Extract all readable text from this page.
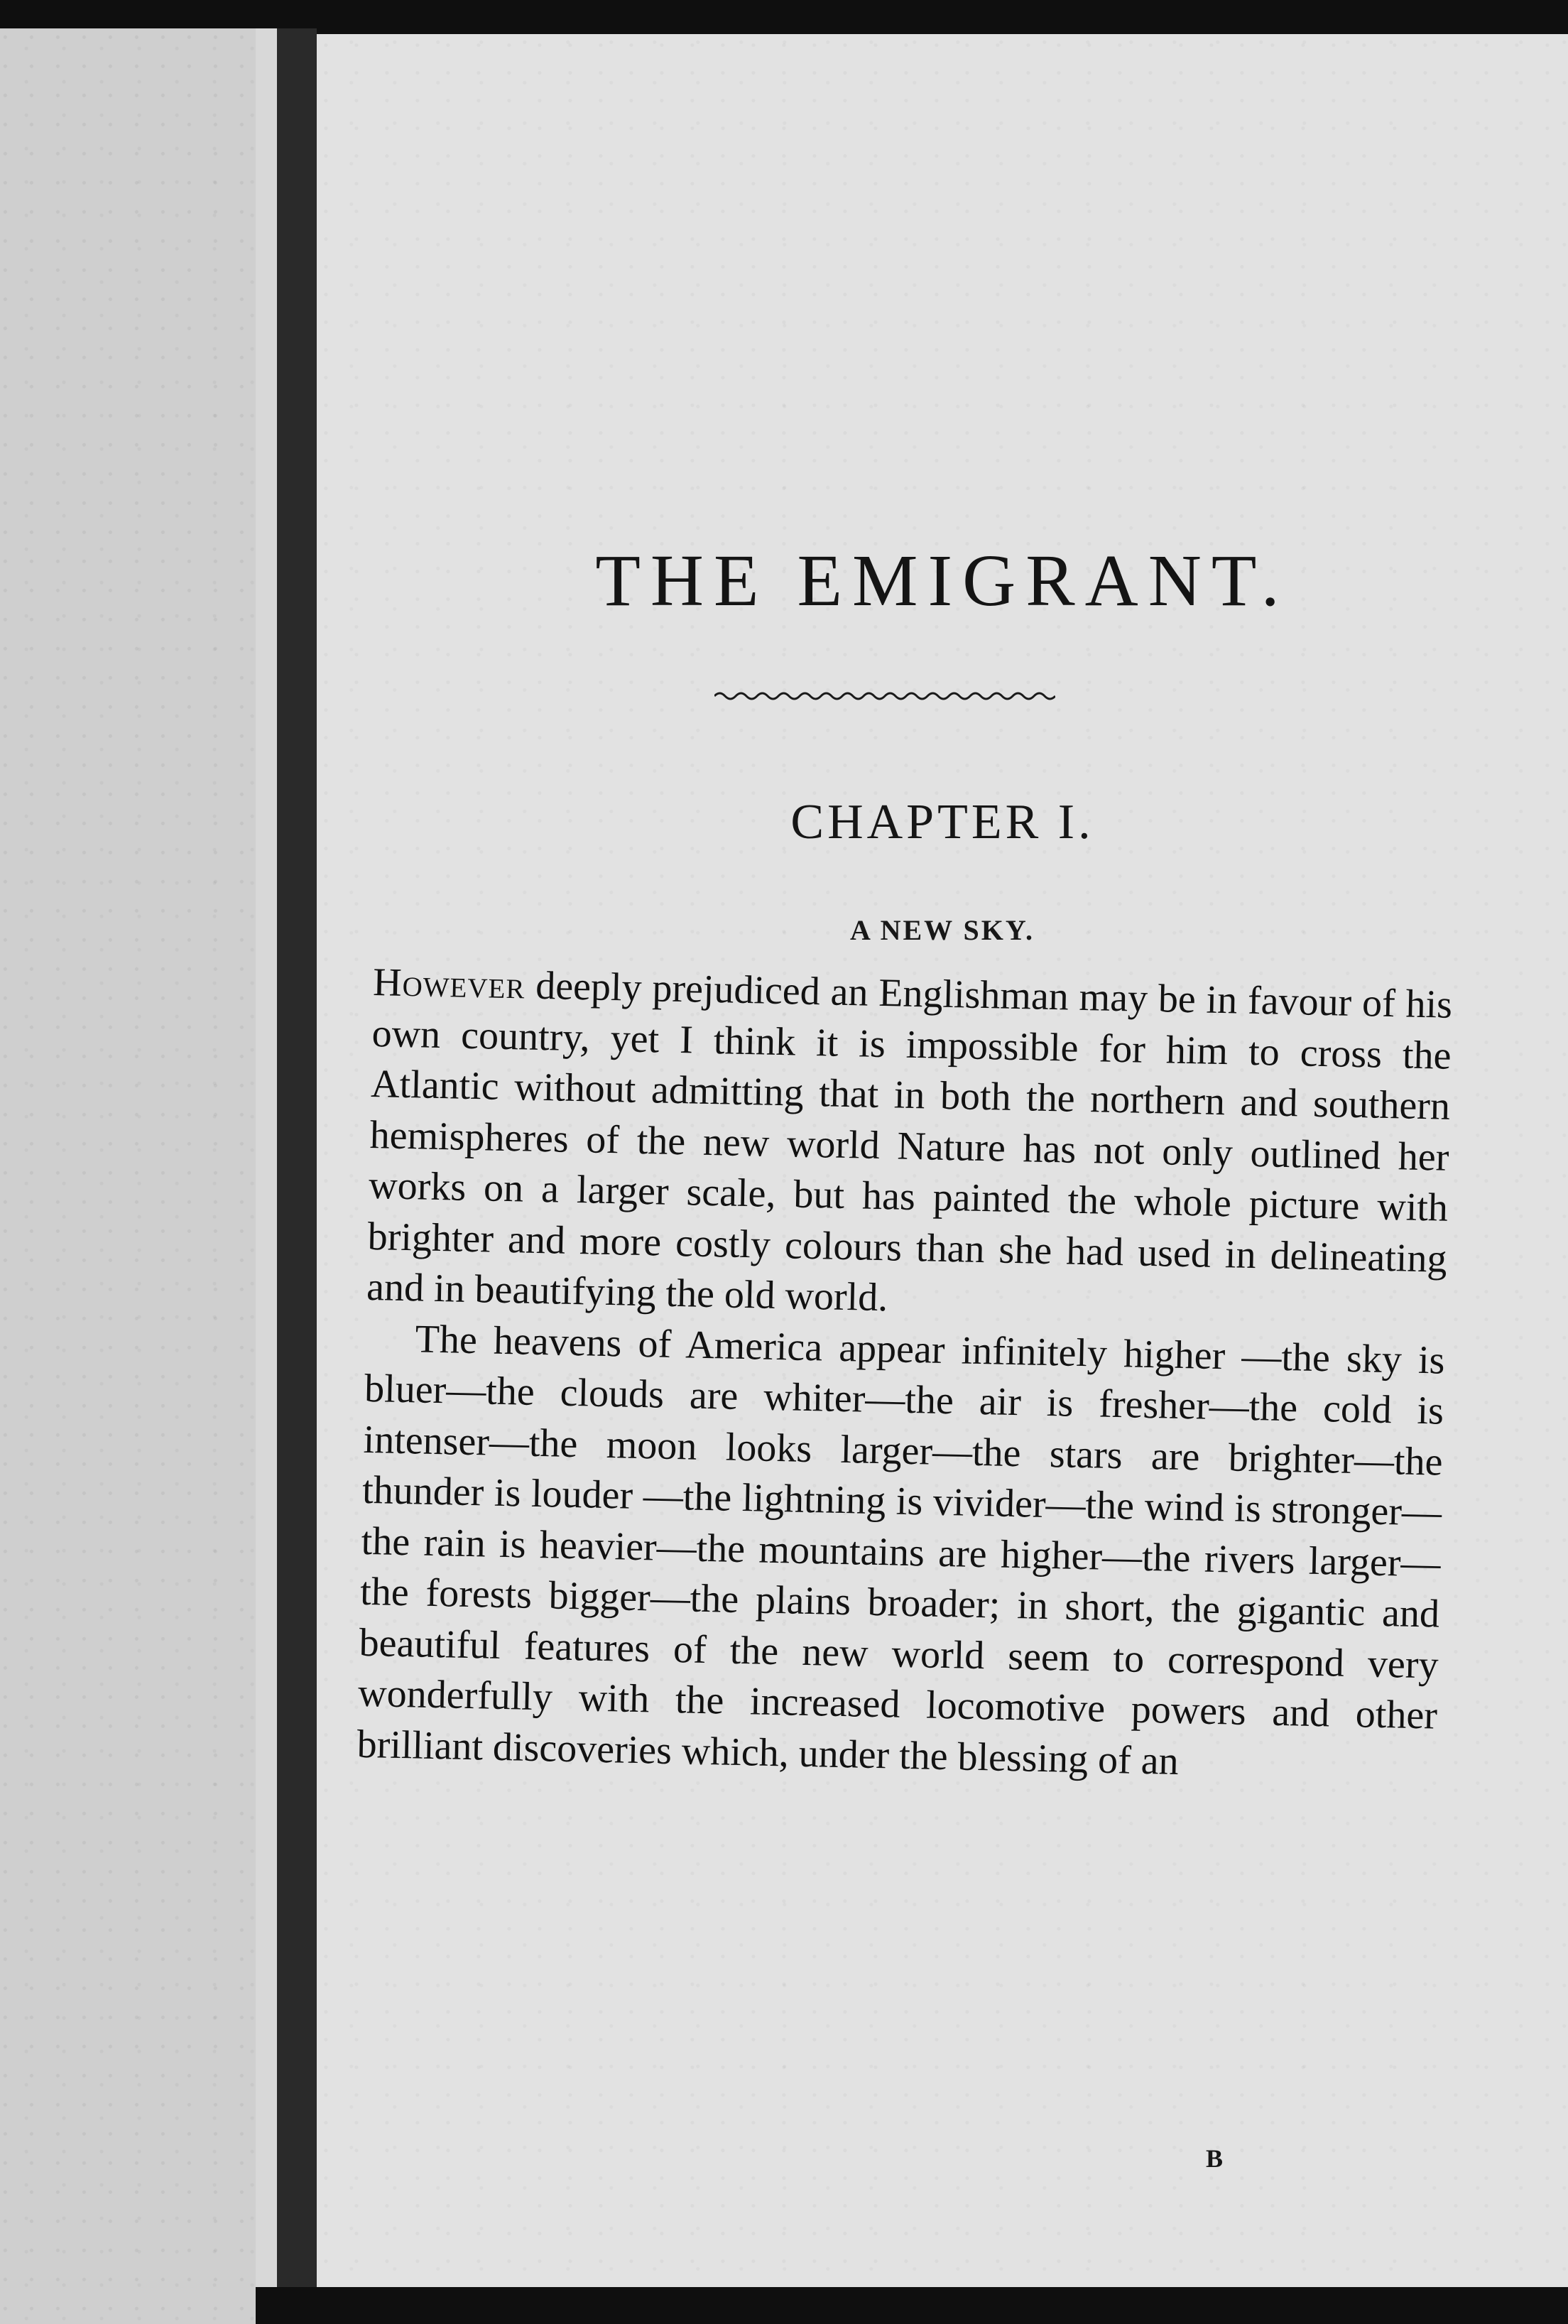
THE EMIGRANT.
CHAPTER I.
A NEW SKY.

However deeply prejudiced an Englishman may be in favour of his own country, yet I think it is impossible for him to cross the Atlantic without admitting that in both the northern and southern hemispheres of the new world Nature has not only outlined her works on a larger scale, but has painted the whole picture with brighter and more costly colours than she had used in delineating and in beautifying the old world.

The heavens of America appear infinitely higher —the sky is bluer—the clouds are whiter—the air is fresher—the cold is intenser—the moon looks larger—the stars are brighter—the thunder is louder —the lightning is vivider—the wind is stronger— the rain is heavier—the mountains are higher—the rivers larger—the forests bigger—the plains broader; in short, the gigantic and beautiful features of the new world seem to correspond very wonderfully with the increased locomotive powers and other brilliant discoveries which, under the blessing of an

B
